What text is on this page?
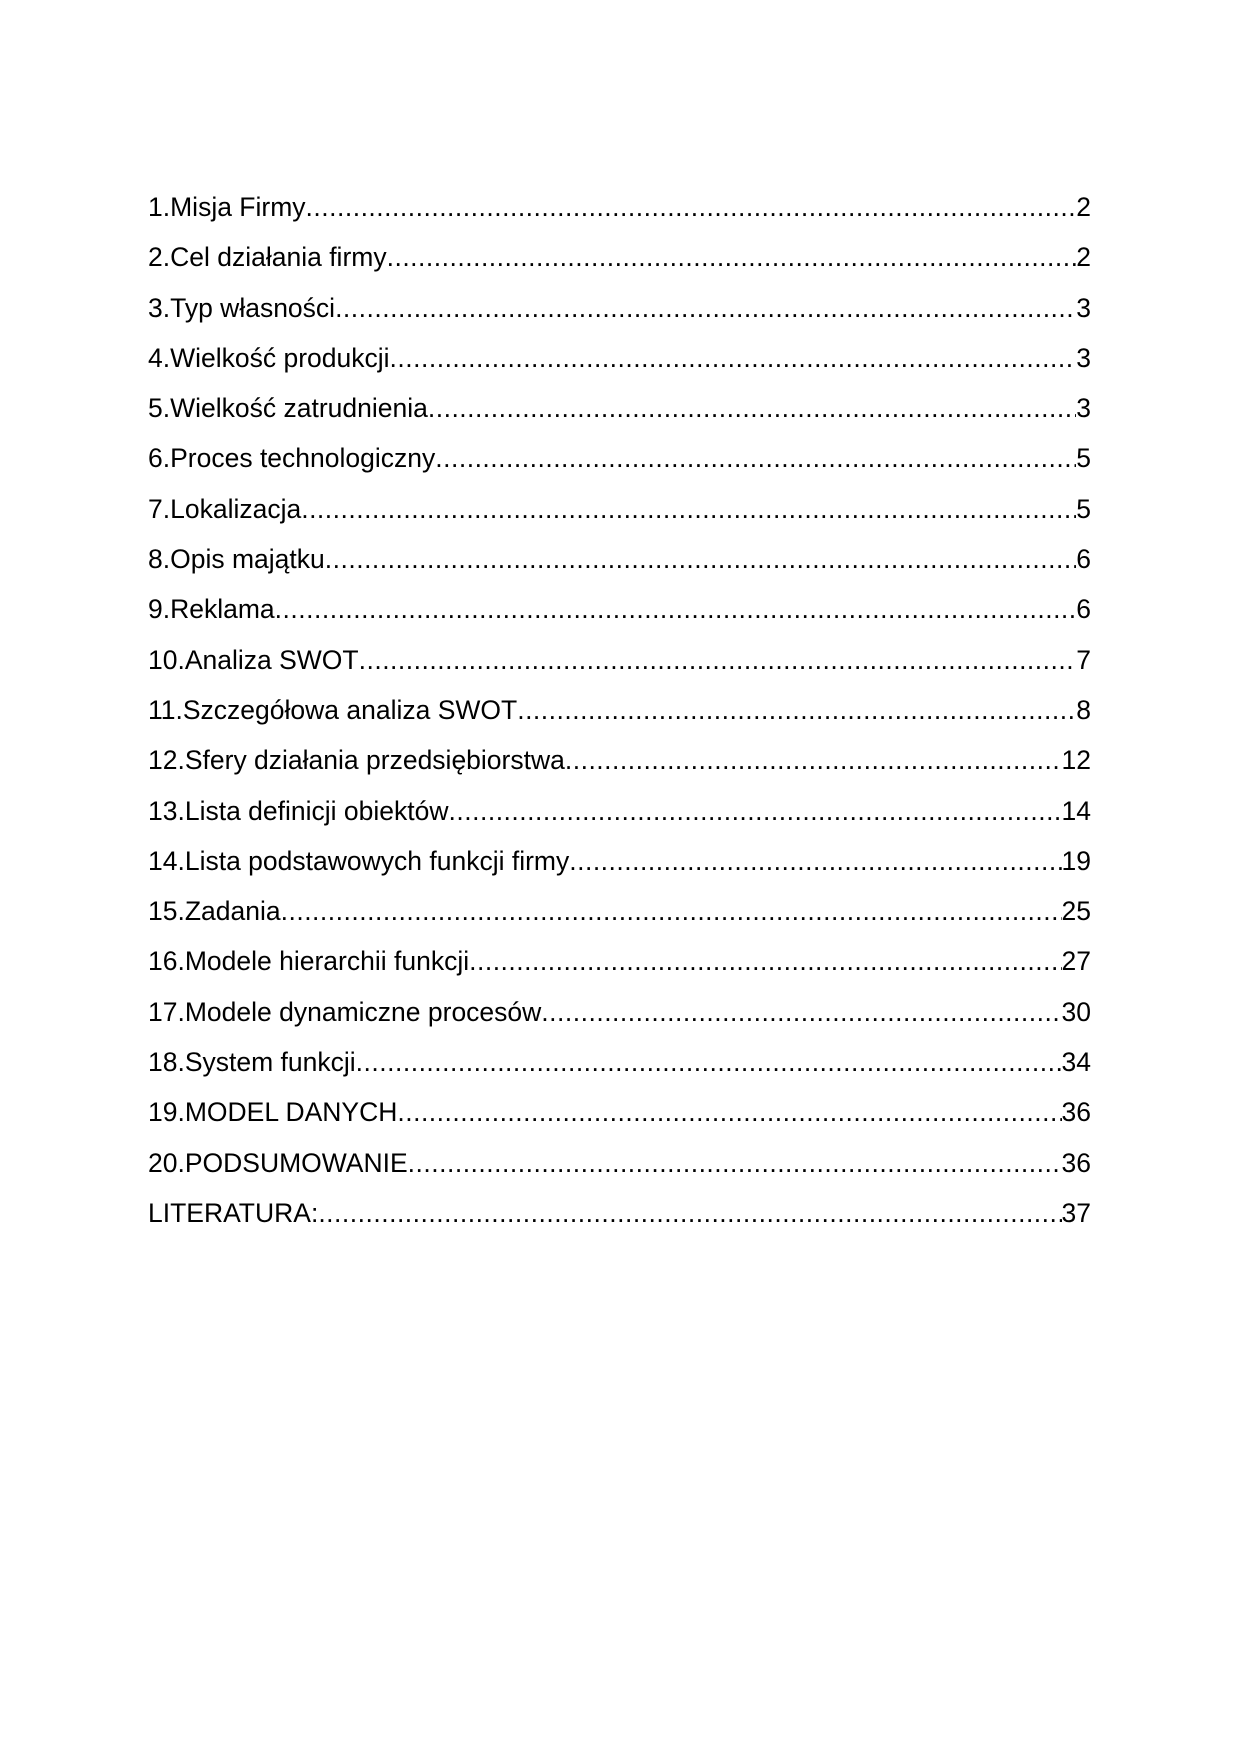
1.Misja Firmy .....	2
2.Cel działania firmy .....	2
3.Typ własności .....	3
4.Wielkość produkcji .....	3
5.Wielkość zatrudnienia .....	3
6.Proces technologiczny .....	5
7.Lokalizacja .....	5
8.Opis majątku .....	6
9.Reklama .....	6
10.Analiza SWOT .....	7
11.Szczegółowa analiza SWOT .....	8
12.Sfery działania przedsiębiorstwa .....	12
13.Lista definicji obiektów .....	14
14.Lista podstawowych funkcji firmy .....	19
15.Zadania .....	25
16.Modele hierarchii funkcji .....	27
17.Modele dynamiczne procesów .....	30
18.System funkcji .....	34
19.MODEL DANYCH .....	36
20.PODSUMOWANIE .....	36
LITERATURA: .....	37
